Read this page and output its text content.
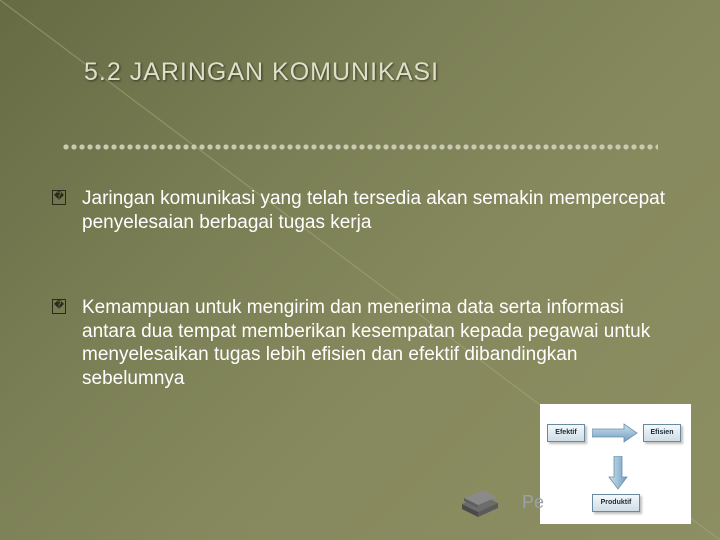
5.2 JARINGAN KOMUNIKASI
� Jaringan komunikasi yang telah tersedia akan semakin mempercepat penyelesaian berbagai tugas kerja
� Kemampuan untuk mengirim dan menerima data serta informasi antara dua tempat memberikan kesempatan kepada pegawai untuk menyelesaikan tugas lebih efisien dan efektif dibandingkan sebelumnya
Efektif	Efisien
Produktif
Pe
